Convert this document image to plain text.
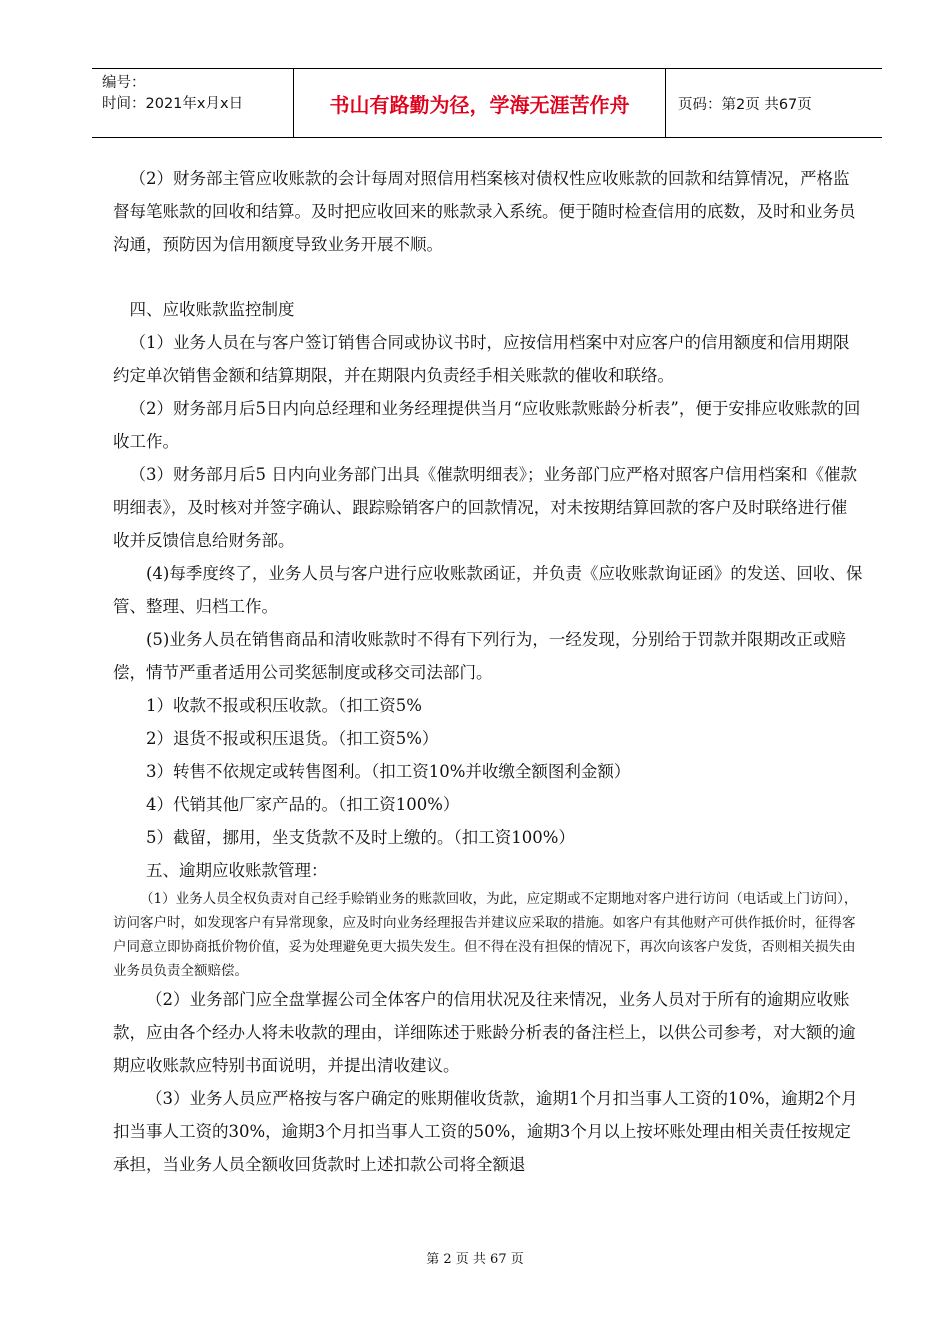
编号：
时间：2021年x月x日	书山有路勤为径，学海无涯苦作舟	页码：第2页 共67页

（2）财务部主管应收账款的会计每周对照信用档案核对债权性应收账款的回款和结算情况，严格监督每笔账款的回收和结算。及时把应收回来的账款录入系统。便于随时检查信用的底数，及时和业务员沟通，预防因为信用额度导致业务开展不顺。

四、应收账款监控制度

（1）业务人员在与客户签订销售合同或协议书时，应按信用档案中对应客户的信用额度和信用期限约定单次销售金额和结算期限，并在期限内负责经手相关账款的催收和联络。

（2）财务部月后5日内向总经理和业务经理提供当月“应收账款账龄分析表”，便于安排应收账款的回收工作。

（3）财务部月后5 日内向业务部门出具《催款明细表》；业务部门应严格对照客户信用档案和《催款明细表》，及时核对并签字确认、跟踪赊销客户的回款情况，对未按期结算回款的客户及时联络进行催收并反馈信息给财务部。

(4)每季度终了，业务人员与客户进行应收账款函证，并负责《应收账款询证函》的发送、回收、保管、整理、归档工作。

(5)业务人员在销售商品和清收账款时不得有下列行为，一经发现，分别给于罚款并限期改正或赔偿，情节严重者适用公司奖惩制度或移交司法部门。

1）收款不报或积压收款。（扣工资5%

2）退货不报或积压退货。（扣工资5%）

3）转售不依规定或转售图利。（扣工资10%并收缴全额图利金额）

4）代销其他厂家产品的。（扣工资100%）

5）截留，挪用，坐支货款不及时上缴的。（扣工资100%）

五、逾期应收账款管理：

（1）业务人员全权负责对自己经手赊销业务的账款回收，为此，应定期或不定期地对客户进行访问（电话或上门访问），访问客户时，如发现客户有异常现象，应及时向业务经理报告并建议应采取的措施。如客户有其他财产可供作抵价时，征得客户同意立即协商抵价物价值，妥为处理避免更大损失发生。但不得在没有担保的情况下，再次向该客户发货，否则相关损失由业务员负责全额赔偿。

（2）业务部门应全盘掌握公司全体客户的信用状况及往来情况，业务人员对于所有的逾期应收账款，应由各个经办人将未收款的理由，详细陈述于账龄分析表的备注栏上，以供公司参考，对大额的逾期应收账款应特别书面说明，并提出清收建议。

（3）业务人员应严格按与客户确定的账期催收货款，逾期1个月扣当事人工资的10%，逾期2个月扣当事人工资的30%，逾期3个月扣当事人工资的50%，逾期3个月以上按坏账处理由相关责任按规定承担，当业务人员全额收回货款时上述扣款公司将全额退

第 2 页 共 67 页
